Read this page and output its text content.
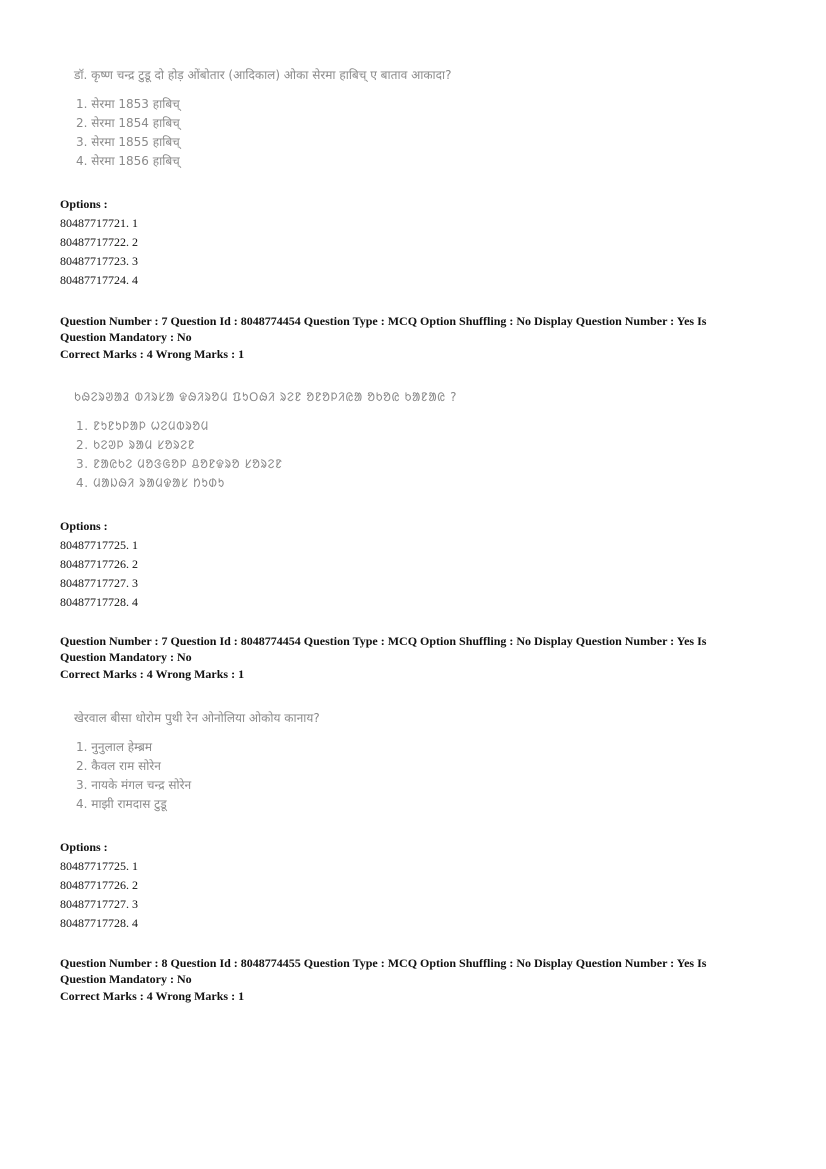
डॉ. कृष्ण चन्द्र टुडू दो होड़ ओंबोतार (आदिकाल) ओका सेरमा हाबिच् ए बाताव आकादा?
1. सेरमा 1853 हाबिच्
2. सेरमा 1854 हाबिच्
3. सेरमा 1855 हाबिच्
4. सेरमा 1856 हाबिच्
Options :
8048771772​1. 1
80487717722. 2
80487717723. 3
80487717724. 4

Question Number : 7 Question Id : 8048774454 Question Type : MCQ Option Shuffling : No Display Question Number : Yes Is

Question Mandatory : No

Correct Marks : 4 Wrong Marks : 1

ᱠᱷᱮᱨᱣᱟᱲ ᱵᱤᱨᱥᱟ ᱫᱷᱤᱨᱚᱢ ᱯᱩᱛᱷᱤ ᱨᱮᱱ ᱚᱱᱚᱞᱤᱭᱟ ᱚᱠᱚᱭ ᱠᱟᱱᱟᱭ ?
1. ᱱᱩᱱᱩᱞᱟᱞ ᱦᱮᱢᱵᱨᱚᱢ
2. ᱠᱮᱣᱞ ᱨᱟᱢ ᱥᱚᱨᱮᱱ
3. ᱱᱟᱭᱠᱮ ᱢᱚᱝᱜᱚᱞ ᱪᱚᱱᱫᱨᱚ ᱥᱚᱨᱮᱱ
4. ᱢᱟᱡᱷᱤ ᱨᱟᱢᱫᱟᱥ ᱴᱩᱰᱩ
Options :
80487717725. 1
80487717726. 2
80487717727. 3
80487717728. 4

Question Number : 7 Question Id : 8048774454 Question Type : MCQ Option Shuffling : No Display Question Number : Yes Is

Question Mandatory : No

Correct Marks : 4 Wrong Marks : 1

खेरवाल बीसा धोरोम पुथी रेन ओनोलिया ओकोय कानाय?
1. नुनुलाल हेम्ब्रम
2. कैवल राम सोरेन
3. नायके मंगल चन्द्र सोरेन
4. माझी रामदास टुडू
Options :
80487717725. 1
80487717726. 2
80487717727. 3
80487717728. 4

Question Number : 8 Question Id : 8048774455 Question Type : MCQ Option Shuffling : No Display Question Number : Yes Is

Question Mandatory : No

Correct Marks : 4 Wrong Marks : 1
